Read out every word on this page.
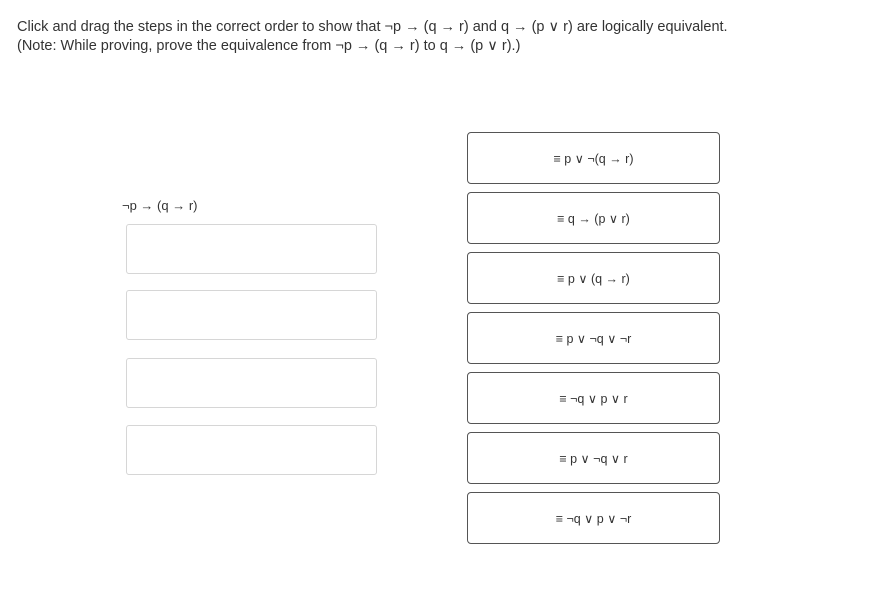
Click and drag the steps in the correct order to show that ¬p → (q → r) and q → (p ∨ r) are logically equivalent.

(Note: While proving, prove the equivalence from ¬p → (q → r) to q → (p ∨ r).)

¬p → (q → r)
≡ p ∨ ¬(q → r)
≡ q → (p ∨ r)
≡ p ∨ (q → r)
≡ p ∨ ¬q ∨ ¬r
≡ ¬q ∨ p ∨ r
≡ p ∨ ¬q ∨ r
≡ ¬q ∨ p ∨ ¬r
